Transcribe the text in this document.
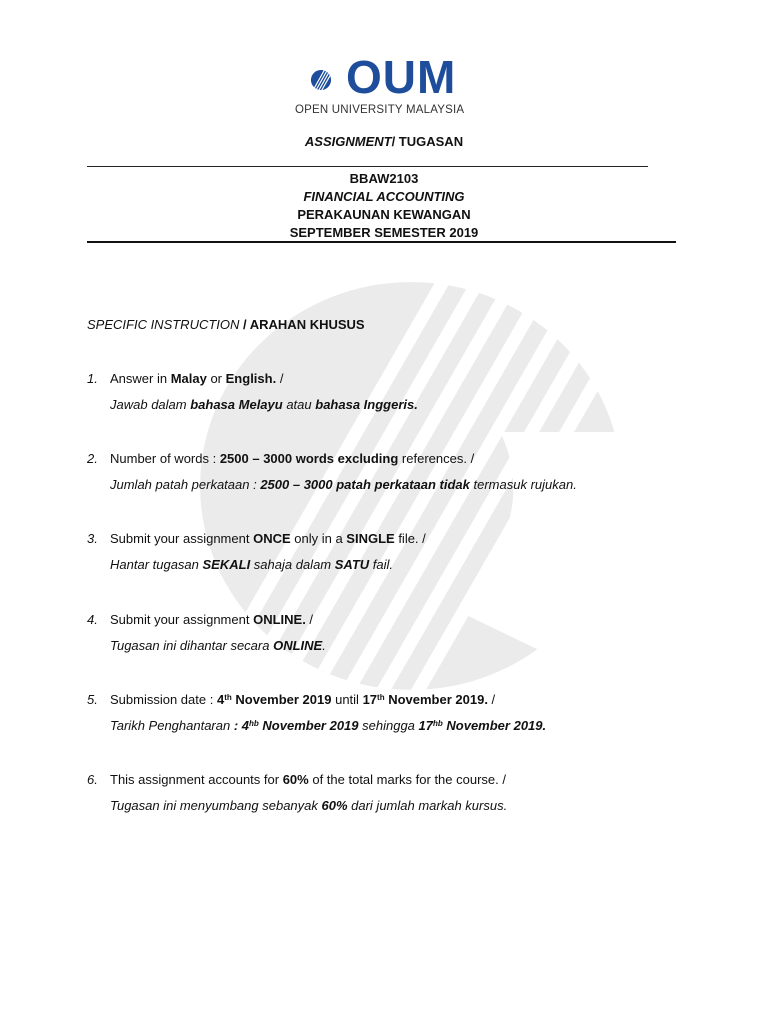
OUM
OPEN UNIVERSITY MALAYSIA
ASSIGNMENT/ TUGASAN
BBAW2103
FINANCIAL ACCOUNTING
PERAKAUNAN KEWANGAN
SEPTEMBER SEMESTER 2019
SPECIFIC INSTRUCTION / ARAHAN KHUSUS
1. Answer in Malay or English. /
Jawab dalam bahasa Melayu atau bahasa Inggeris.
2. Number of words : 2500 – 3000 words excluding references. /
Jumlah patah perkataan : 2500 – 3000 patah perkataan tidak termasuk rujukan.
3. Submit your assignment ONCE only in a SINGLE file. /
Hantar tugasan SEKALI sahaja dalam SATU fail.
4. Submit your assignment ONLINE. /
Tugasan ini dihantar secara ONLINE.
5. Submission date : 4th November 2019 until 17th November 2019. /
Tarikh Penghantaran : $4^{hb}$ November 2019 sehingga $17^{hb}$ November 2019.
6. This assignment accounts for 60% of the total marks for the course. /
Tugasan ini menyumbang sebanyak 60% dari jumlah markah kursus.
